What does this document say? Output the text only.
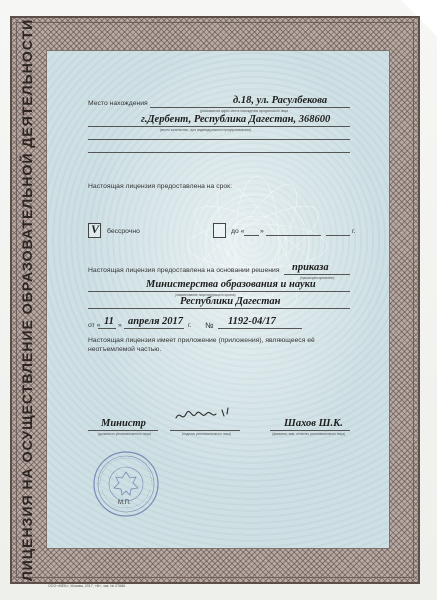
ЛИЦЕНЗИЯ НА ОСУЩЕСТВЛЕНИЕ ОБРАЗОВАТЕЛЬНОЙ ДЕЯТЕЛЬНОСТИ	Место нахождения	д.18, ул. Расулбекова
(указываются адрес места нахождения юридического лица
г.Дербент, Республика Дагестан, 368600
(место жительства - для индивидуального предпринимателя)
Настоящая лицензия предоставлена на срок:
V бессрочно	до « »	г.
Настоящая лицензия предоставлена на основании решения приказа
(приказ/распоряжение)
Министерства образования и науки
(наименование лицензирующего органа)
Республики Дагестан
от « 11 » апреля 2017 г. № 1192-04/17
Настоящая лицензия имеет приложение (приложения), являющееся её неотъемлемой частью.
Министр
(должность уполномоченного лица)	(подпись уполномоченного лица)
Шахов Ш.К.
(фамилия, имя, отчество уполномоченного лица)
М.П.
ООО «ВЕБ», Москва, 2017, «Б», зак. № 07686
